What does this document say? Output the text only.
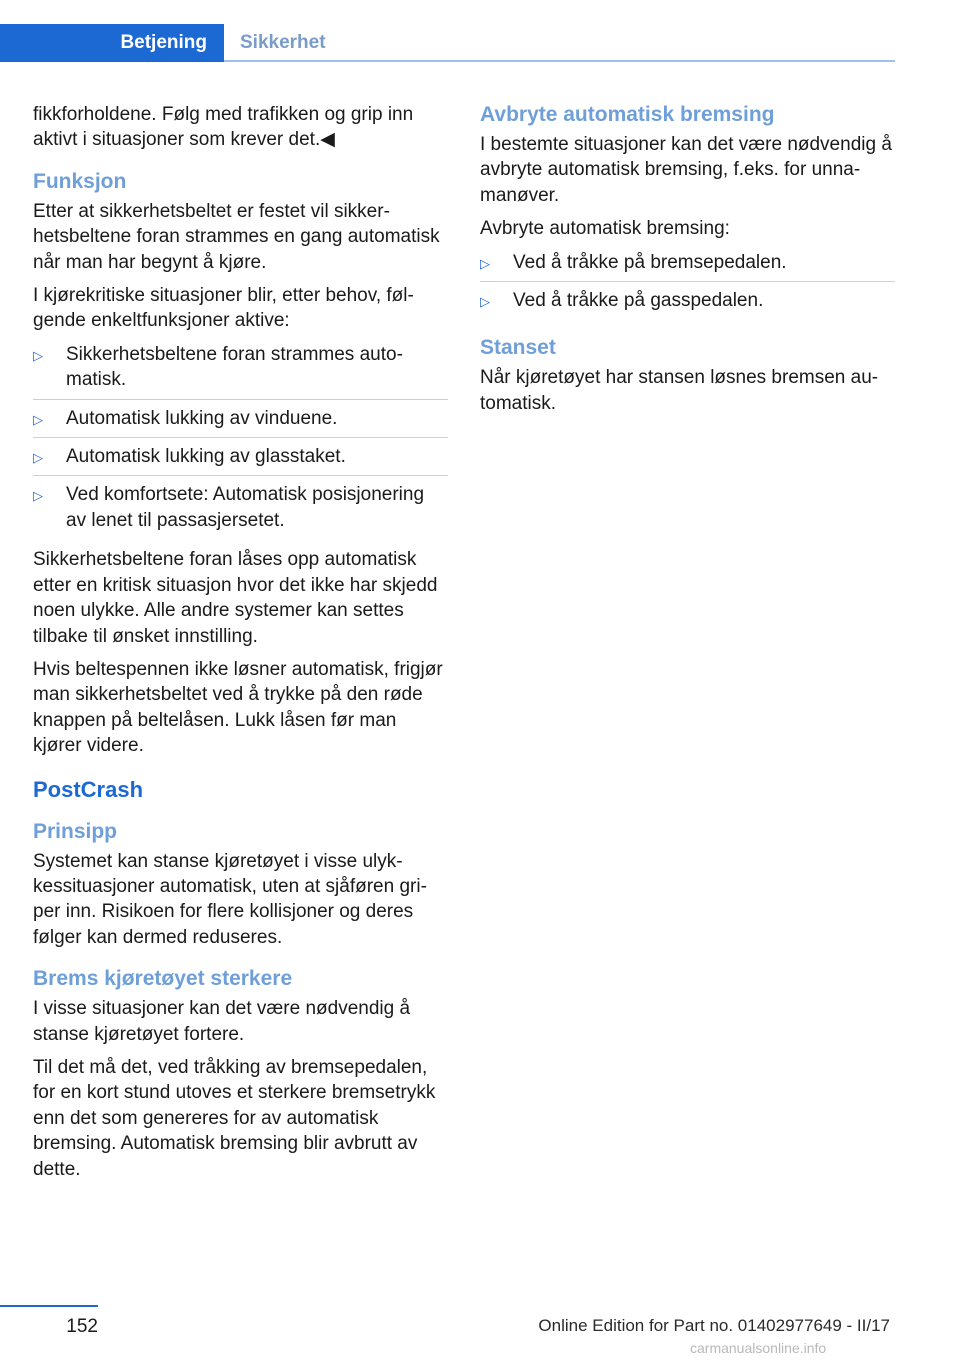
Betjening	Sikkerhet

fikkforholdene. Følg med trafikken og grip inn aktivt i situasjoner som krever det.◀

Funksjon

Etter at sikkerhetsbeltet er festet vil sikkerhetsbeltene foran strammes en gang automatisk når man har begynt å kjøre.

I kjørekritiske situasjoner blir, etter behov, følgende enkeltfunksjoner aktive:

▷ Sikkerhetsbeltene foran strammes automatisk.
▷ Automatisk lukking av vinduene.
▷ Automatisk lukking av glasstaket.
▷ Ved komfortsete: Automatisk posisjonering av lenet til passasjersetet.

Sikkerhetsbeltene foran låses opp automatisk etter en kritisk situasjon hvor det ikke har skjedd noen ulykke. Alle andre systemer kan settes tilbake til ønsket innstilling.

Hvis beltespennen ikke løsner automatisk, frigjør man sikkerhetsbeltet ved å trykke på den røde knappen på beltelåsen. Lukk låsen før man kjører videre.

PostCrash
Prinsipp

Systemet kan stanse kjøretøyet i visse ulykkessituasjoner automatisk, uten at sjåføren griper inn. Risikoen for flere kollisjoner og deres følger kan dermed reduseres.

Brems kjøretøyet sterkere

I visse situasjoner kan det være nødvendig å stanse kjøretøyet fortere.

Til det må det, ved tråkking av bremsepedalen, for en kort stund utoves et sterkere bremsetrykk enn det som genereres for av automatisk bremsing. Automatisk bremsing blir avbrutt av dette.

Avbryte automatisk bremsing

I bestemte situasjoner kan det være nødvendig å avbryte automatisk bremsing, f.eks. for unnamanøver.

Avbryte automatisk bremsing:

▷ Ved å tråkke på bremsepedalen.
▷ Ved å tråkke på gasspedalen.
Stanset

Når kjøretøyet har stansen løsnes bremsen automatisk.

152	Online Edition for Part no. 01402977649 - II/17
carmanualsonline.info
